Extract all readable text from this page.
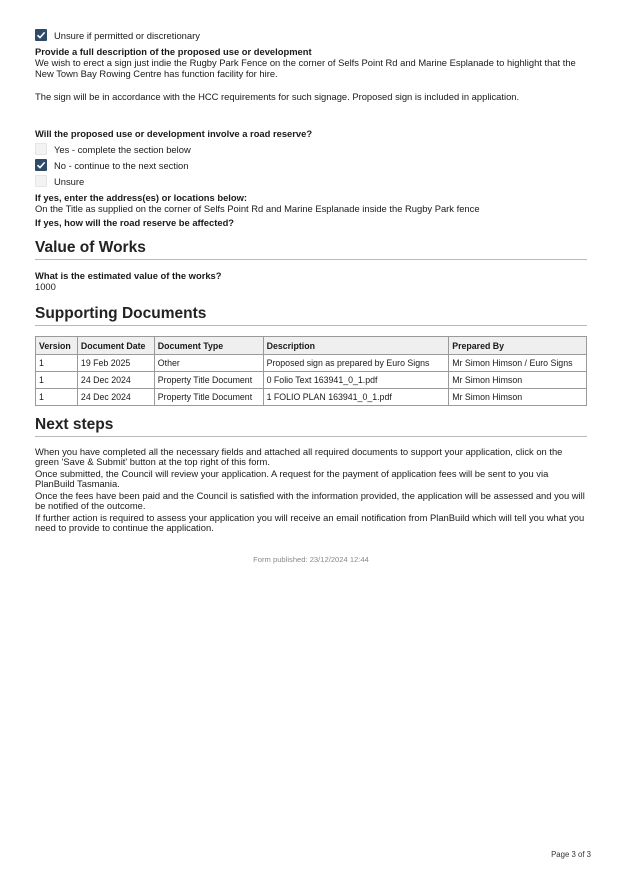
Unsure if permitted or discretionary
Provide a full description of the proposed use or development
We wish to erect a sign just indie the Rugby Park Fence on the corner of Selfs Point Rd and Marine Esplanade to highlight that the New Town Bay Rowing Centre has function facility for hire.
The sign will be in accordance with the HCC requirements for such signage. Proposed sign is included in application.
Will the proposed use or development involve a road reserve?
Yes - complete the section below
No - continue to the next section
Unsure
If yes, enter the address(es) or locations below:
On the Title as supplied on the corner of Selfs Point Rd and Marine Esplanade inside the Rugby Park fence
If yes, how will the road reserve be affected?
Value of Works
What is the estimated value of the works?
1000
Supporting Documents
Version	Document Date	Document Type	Description	Prepared By
1	19 Feb 2025	Other	Proposed sign as prepared by Euro Signs	Mr Simon Himson / Euro Signs
1	24 Dec 2024	Property Title Document	0 Folio Text 163941_0_1.pdf	Mr Simon Himson
1	24 Dec 2024	Property Title Document	1 FOLIO PLAN 163941_0_1.pdf	Mr Simon Himson
Next steps

When you have completed all the necessary fields and attached all required documents to support your application, click on the green 'Save & Submit' button at the top right of this form.

Once submitted, the Council will review your application. A request for the payment of application fees will be sent to you via PlanBuild Tasmania.

Once the fees have been paid and the Council is satisfied with the information provided, the application will be assessed and you will be notified of the outcome.

If further action is required to assess your application you will receive an email notification from PlanBuild which will tell you what you need to provide to continue the application.

Form published: 23/12/2024 12:44
Page 3 of 3
